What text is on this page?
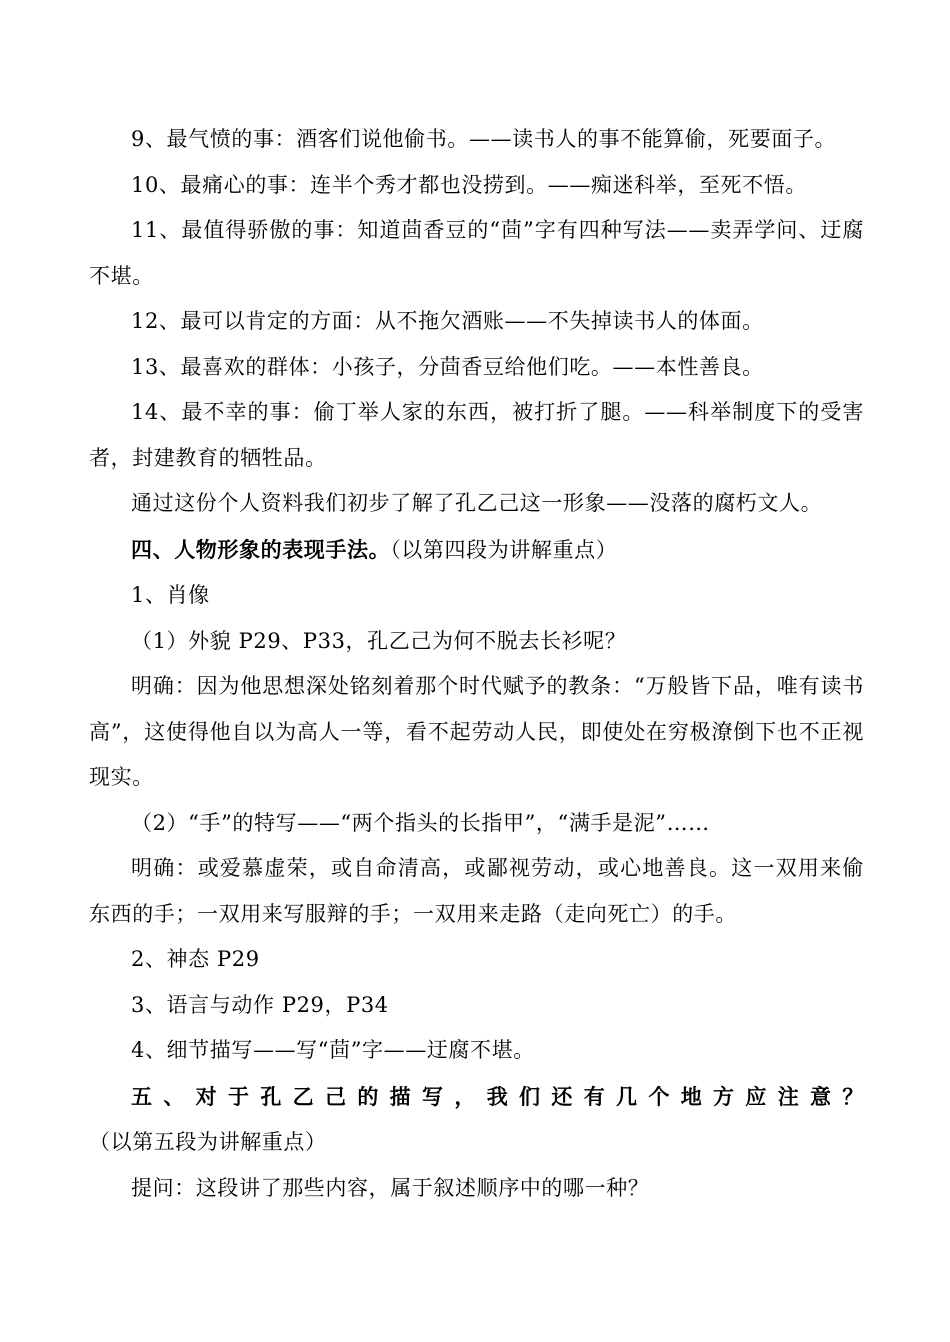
9、最气愤的事：酒客们说他偷书。——读书人的事不能算偷，死要面子。

10、最痛心的事：连半个秀才都也没捞到。——痴迷科举，至死不悟。

11、最值得骄傲的事：知道茴香豆的“茴”字有四种写法——卖弄学问、迂腐不堪。

12、最可以肯定的方面：从不拖欠酒账——不失掉读书人的体面。

13、最喜欢的群体：小孩子，分茴香豆给他们吃。——本性善良。

14、最不幸的事：偷丁举人家的东西，被打折了腿。——科举制度下的受害者，封建教育的牺牲品。

通过这份个人资料我们初步了解了孔乙己这一形象——没落的腐朽文人。

四、人物形象的表现手法。（以第四段为讲解重点）

1、肖像

（1）外貌 P29、P33，孔乙己为何不脱去长衫呢？

明确：因为他思想深处铭刻着那个时代赋予的教条：“万般皆下品，唯有读书高”，这使得他自以为高人一等，看不起劳动人民，即使处在穷极潦倒下也不正视现实。

（2）“手”的特写——“两个指头的长指甲”，“满手是泥”……

明确：或爱慕虚荣，或自命清高，或鄙视劳动，或心地善良。这一双用来偷东西的手；一双用来写服辩的手；一双用来走路（走向死亡）的手。

2、神态 P29

3、语言与动作 P29，P34

4、细节描写——写“茴”字——迂腐不堪。

五、对于孔乙己的描写，我们还有几个地方应注意？（以第五段为讲解重点）

提问：这段讲了那些内容，属于叙述顺序中的哪一种？
